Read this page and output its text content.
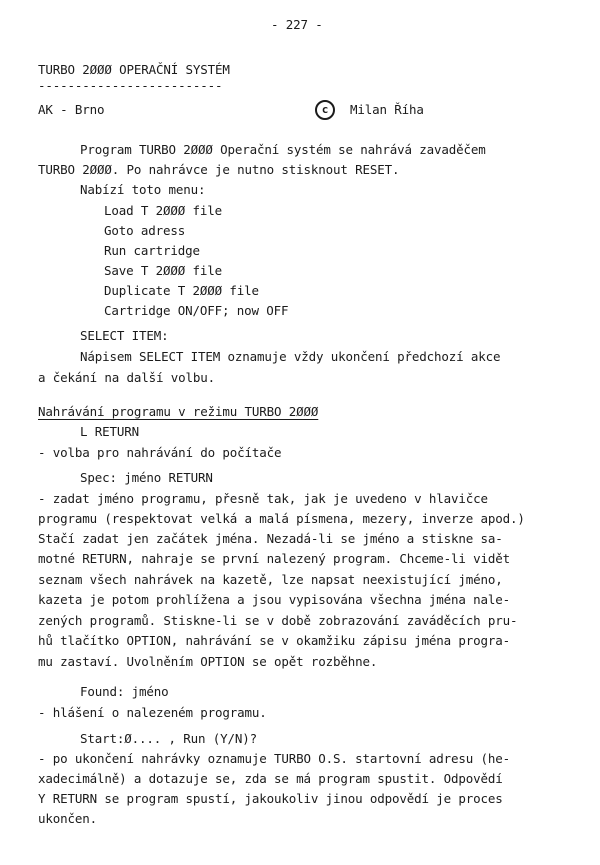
- 227 -
TURBO 2ØØØ OPERAČNÍ SYSTÉM
-------------------------
AK - Brno	c	Milan Říha
Program TURBO 2ØØØ Operační systém se nahrává zavaděčem
TURBO 2ØØØ. Po nahrávce je nutno stisknout RESET.
Nabízí toto menu:
Load T 2ØØØ file
Goto adress
Run cartridge
Save T 2ØØØ file
Duplicate T 2ØØØ file
Cartridge ON/OFF; now OFF
SELECT ITEM:
Nápisem SELECT ITEM oznamuje vždy ukončení předchozí akce
a čekání na další volbu.
Nahrávání programu v režimu TURBO 2ØØØ
L RETURN
- volba pro nahrávání do počítače
Spec: jméno RETURN
- zadat jméno programu, přesně tak, jak je uvedeno v hlavičce
programu (respektovat velká a malá písmena, mezery, inverze apod.)
Stačí zadat jen začátek jména. Nezadá-li se jméno a stiskne sa-
motné RETURN, nahraje se první nalezený program. Chceme-li vidět
seznam všech nahrávek na kazetě, lze napsat neexistující jméno,
kazeta je potom prohlížena a jsou vypisována všechna jména nale-
zených programů. Stiskne-li se v době zobrazování zaváděcích pru-
hů tlačítko OPTION, nahrávání se v okamžiku zápisu jména progra-
mu zastaví. Uvolněním OPTION se opět rozběhne.
Found: jméno
- hlášení o nalezeném programu.
Start:Ø.... , Run (Y/N)?
- po ukončení nahrávky oznamuje TURBO O.S. startovní adresu (he-
xadecimálně) a dotazuje se, zda se má program spustit. Odpovědí
Y RETURN se program spustí, jakoukoliv jinou odpovědí je proces
ukončen.
